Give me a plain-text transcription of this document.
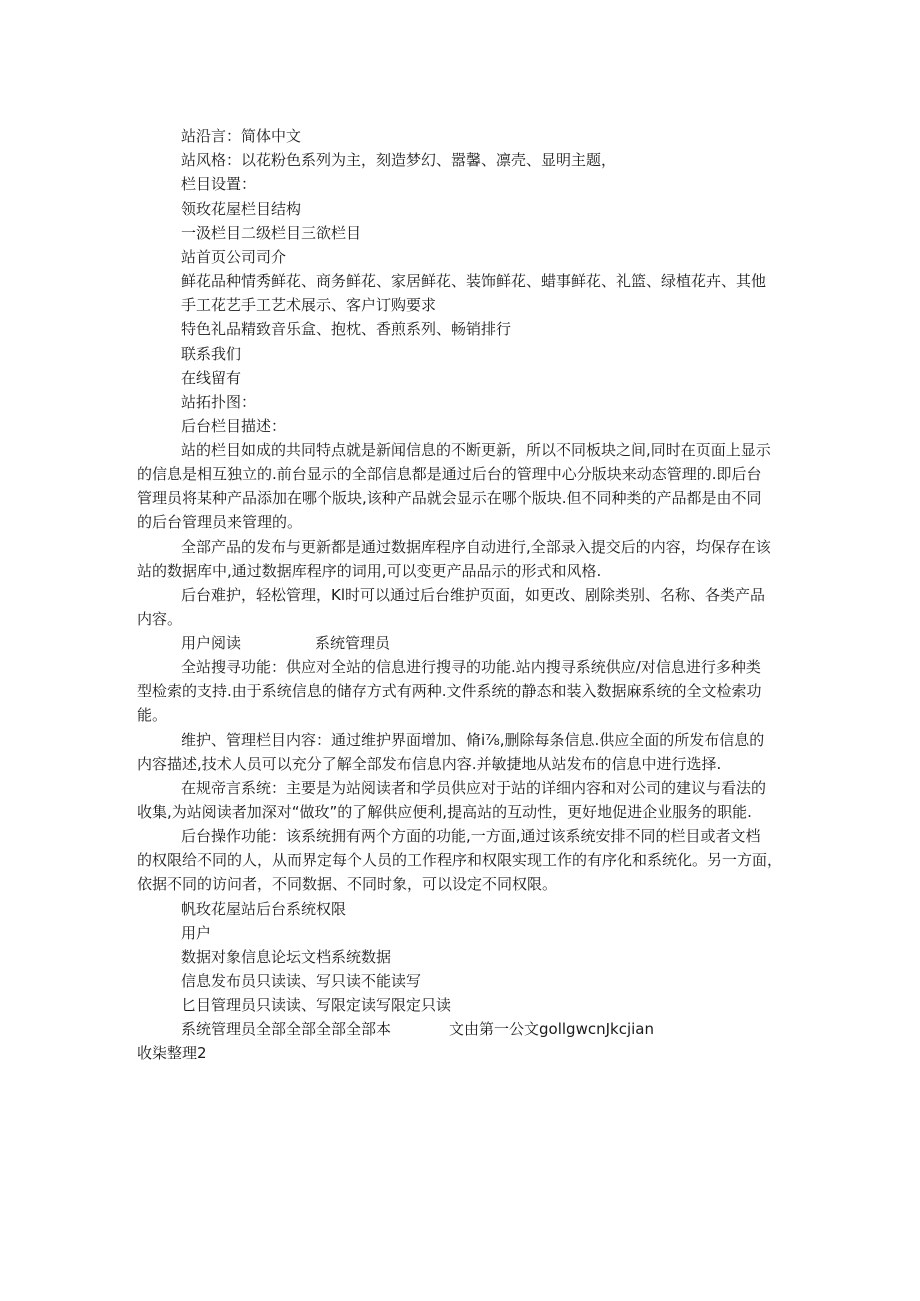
站沿言：简体中文
站风格：以花粉色系列为主，刻造梦幻、嚣馨、凛壳、显明主题，
栏目设置：
领玫花屋栏目结构
一汲栏目二级栏目三欲栏目
站首页公司司介
鲜花品种情秀鲜花、商务鲜花、家居鲜花、装饰鲜花、蜡事鲜花、礼篮、绿植花卉、其他
手工花艺手工艺术展示、客户订购要求
特色礼品精致音乐盒、抱枕、香煎系列、畅销排行
联系我们
在线留有
站拓扑图：
后台栏目描述：
站的栏目如成的共同特点就是新闻信息的不断更新，所以不同板块之间,同时在页面上显示
的信息是相互独立的.前台显示的全部信息都是通过后台的管理中心分版块来动态管理的.即后台
管理员将某种产品添加在哪个版块,该种产品就会显示在哪个版块.但不同种类的产品都是由不同
的后台管理员来管理的。
全部产品的发布与更新都是通过数据库程序自动进行,全部录入提交后的内容，均保存在该
站的数据库中,通过数据库程序的词用,可以变更产品品示的形式和风格.
后台难护，轻松管理，Kl时可以通过后台维护页面，如更改、剧除类别、名称、各类产品
内容。
用户阅读	系统管理员
全站搜寻功能：供应对全站的信息进行搜寻的功能.站内搜寻系统供应/对信息进行多种类
型检索的支持.由于系统信息的储存方式有两种.文件系统的静态和装入数据麻系统的全文检索功
能。
维护、管理栏目内容：通过维护界面增加、脩i⅞,删除每条信息.供应全面的所发布信息的
内容描述,技术人员可以充分了解全部发布信息内容.并敏捷地从站发布的信息中进行选择.
在规帝言系统：主要是为站阅读者和学员供应对于站的详细内容和对公司的建议与看法的
收集,为站阅读者加深对“做玫”的了解供应便利,提高站的互动性，更好地促进企业服务的职能.
后台操作功能：该系统拥有两个方面的功能,一方面,通过该系统安排不同的栏目或者文档
的权限给不同的人，从而界定每个人员的工作程序和权限实现工作的有序化和系统化。另一方面，
依据不同的访问者，不同数据、不同时象，可以设定不同权限。
帆玫花屋站后台系统权限
用户
数据对象信息论坛文档系统数据
信息发布员只读读、写只读不能读写
匕目管理员只读读、写限定读写限定只读
系统管理员全部全部全部全部本	文由第一公文gollgwcnJkcjian
收柒整理2
